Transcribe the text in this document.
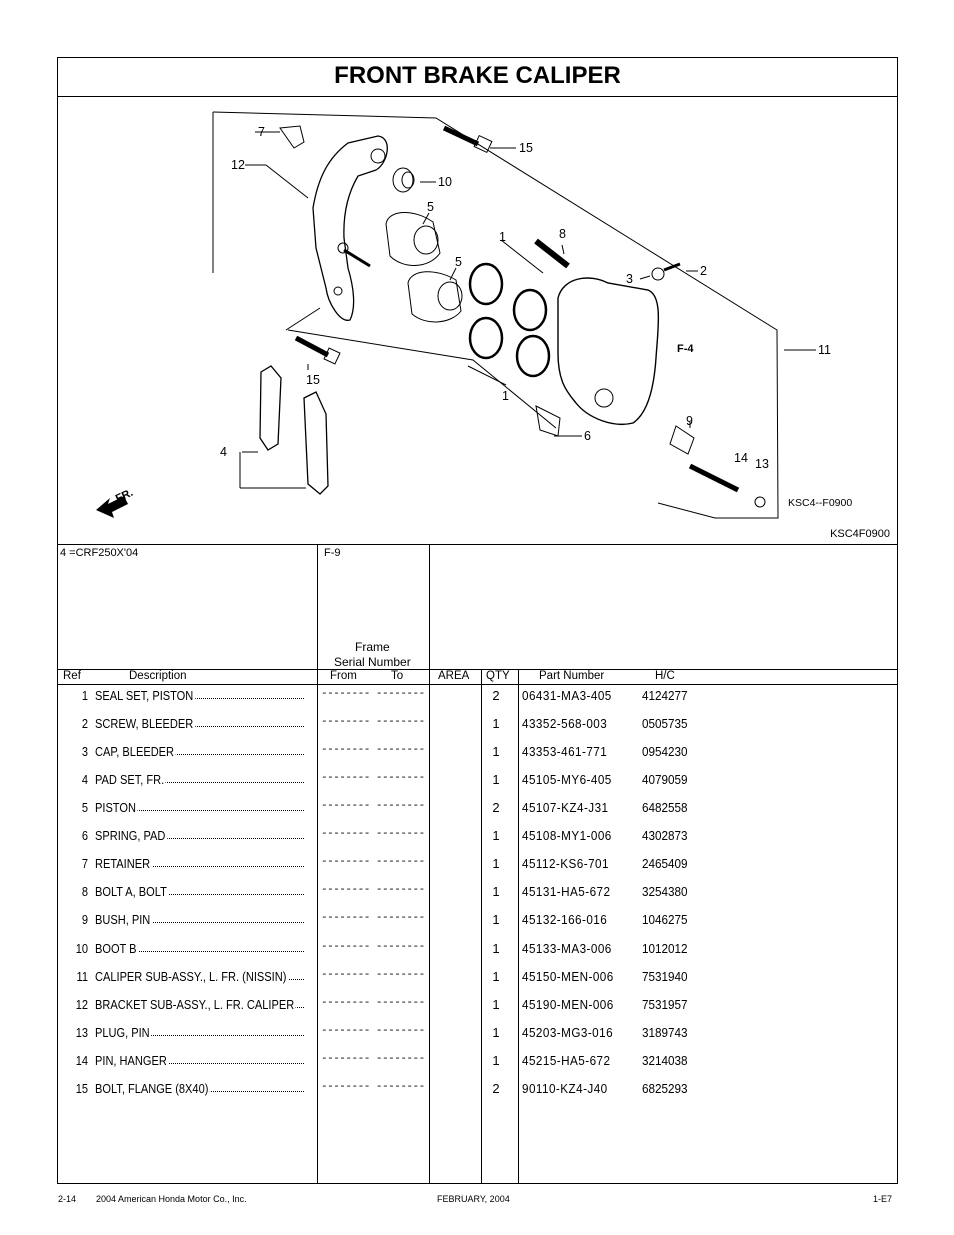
FRONT BRAKE CALIPER
7
12
15
10
5
5
1	8
3
2
11
F-4
15
1
6
9
4	14 13
KSC4--F0900
FR.
KSC4F0900
4 =CRF250X'04	F-9
Frame
Serial Number
Ref	Description	From	To	AREA QTY	Part Number	H/C
1 SEAL SET, PISTON	-------- --------	2 06431-MA3-405 4124277
2 SCREW, BLEEDER	-------- --------	1 43352-568-003	0505735
3 CAP, BLEEDER	-------- --------	1 43353-461-771	0954230
4 PAD SET, FR.	-------- --------	1 45105-MY6-405 4079059
5 PISTON	-------- --------	2 45107-KZ4-J31	6482558
6 SPRING, PAD	-------- --------	1 45108-MY1-006 4302873
7 RETAINER	-------- --------	1 45112-KS6-701	2465409
8 BOLT A, BOLT	-------- --------	1 45131-HA5-672 3254380
9 BUSH, PIN	-------- --------	1 45132-166-016	1046275
10 BOOT B	-------- --------	1 45133-MA3-006 1012012
11 CALIPER SUB-ASSY., L. FR. (NISSIN)	-------- --------	1 45150-MEN-006 7531940
12 BRACKET SUB-ASSY., L. FR. CALIPER -------- --------	1 45190-MEN-006 7531957
13 PLUG, PIN	-------- --------	1 45203-MG3-016 3189743
14 PIN, HANGER	-------- --------	1 45215-HA5-672 3214038
15 BOLT, FLANGE (8X40)	-------- --------	2 90110-KZ4-J40	6825293
2-14 2004 American Honda Motor Co., Inc.	FEBRUARY, 2004	1-E7
